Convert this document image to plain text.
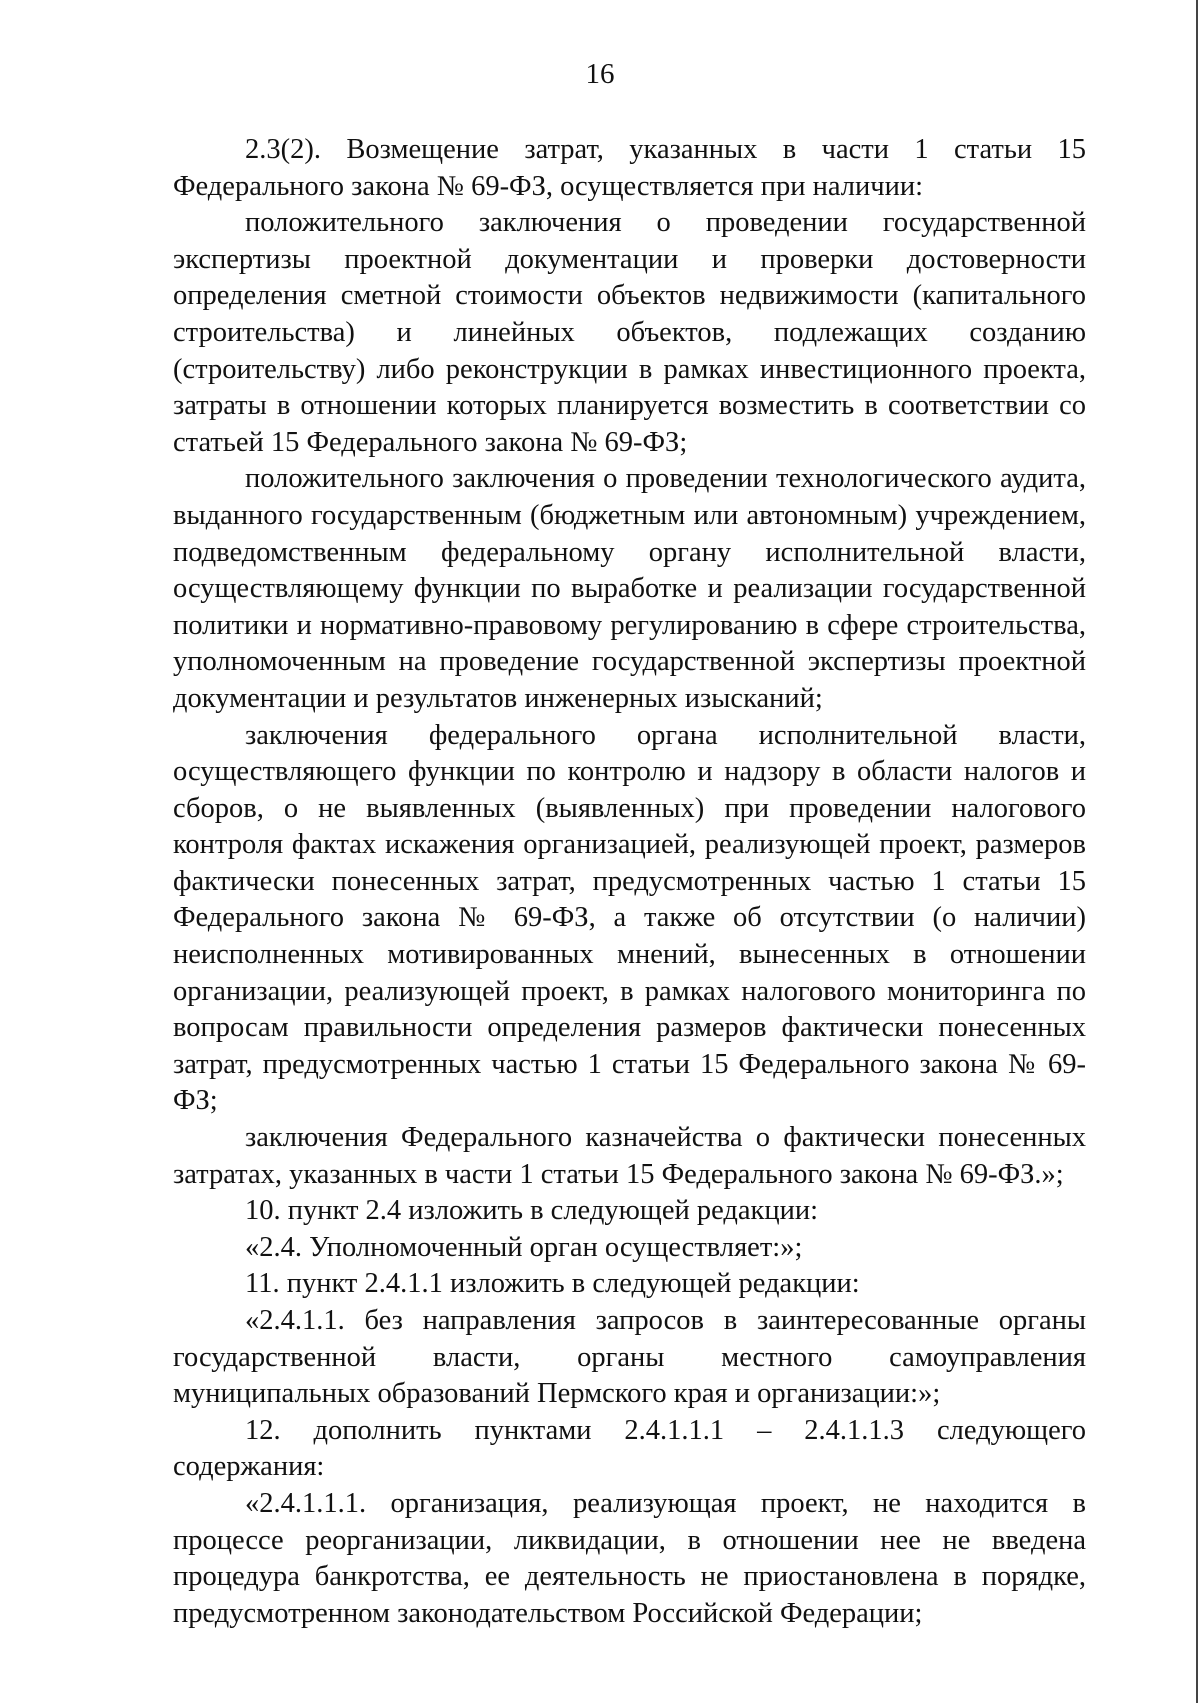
16

2.3(2). Возмещение затрат, указанных в части 1 статьи 15 Федерального закона № 69-ФЗ, осуществляется при наличии:

положительного заключения о проведении государственной экспертизы проектной документации и проверки достоверности определения сметной стоимости объектов недвижимости (капитального строительства) и линейных объектов, подлежащих созданию (строительству) либо реконструкции в рамках инвестиционного проекта, затраты в отношении которых планируется возместить в соответствии со статьей 15 Федерального закона № 69-ФЗ;

положительного заключения о проведении технологического аудита, выданного государственным (бюджетным или автономным) учреждением, подведомственным федеральному органу исполнительной власти, осуществляющему функции по выработке и реализации государственной политики и нормативно-правовому регулированию в сфере строительства, уполномоченным на проведение государственной экспертизы проектной документации и результатов инженерных изысканий;

заключения федерального органа исполнительной власти, осуществляющего функции по контролю и надзору в области налогов и сборов, о не выявленных (выявленных) при проведении налогового контроля фактах искажения организацией, реализующей проект, размеров фактически понесенных затрат, предусмотренных частью 1 статьи 15 Федерального закона № 69-ФЗ, а также об отсутствии (о наличии) неисполненных мотивированных мнений, вынесенных в отношении организации, реализующей проект, в рамках налогового мониторинга по вопросам правильности определения размеров фактически понесенных затрат, предусмотренных частью 1 статьи 15 Федерального закона № 69-ФЗ;

заключения Федерального казначейства о фактически понесенных затратах, указанных в части 1 статьи 15 Федерального закона № 69-ФЗ.»;

10. пункт 2.4 изложить в следующей редакции:

«2.4. Уполномоченный орган осуществляет:»;

11. пункт 2.4.1.1 изложить в следующей редакции:

«2.4.1.1. без направления запросов в заинтересованные органы государственной власти, органы местного самоуправления муниципальных образований Пермского края и организации:»;

12. дополнить пунктами 2.4.1.1.1 – 2.4.1.1.3 следующего содержания:

«2.4.1.1.1. организация, реализующая проект, не находится в процессе реорганизации, ликвидации, в отношении нее не введена процедура банкротства, ее деятельность не приостановлена в порядке, предусмотренном законодательством Российской Федерации;
